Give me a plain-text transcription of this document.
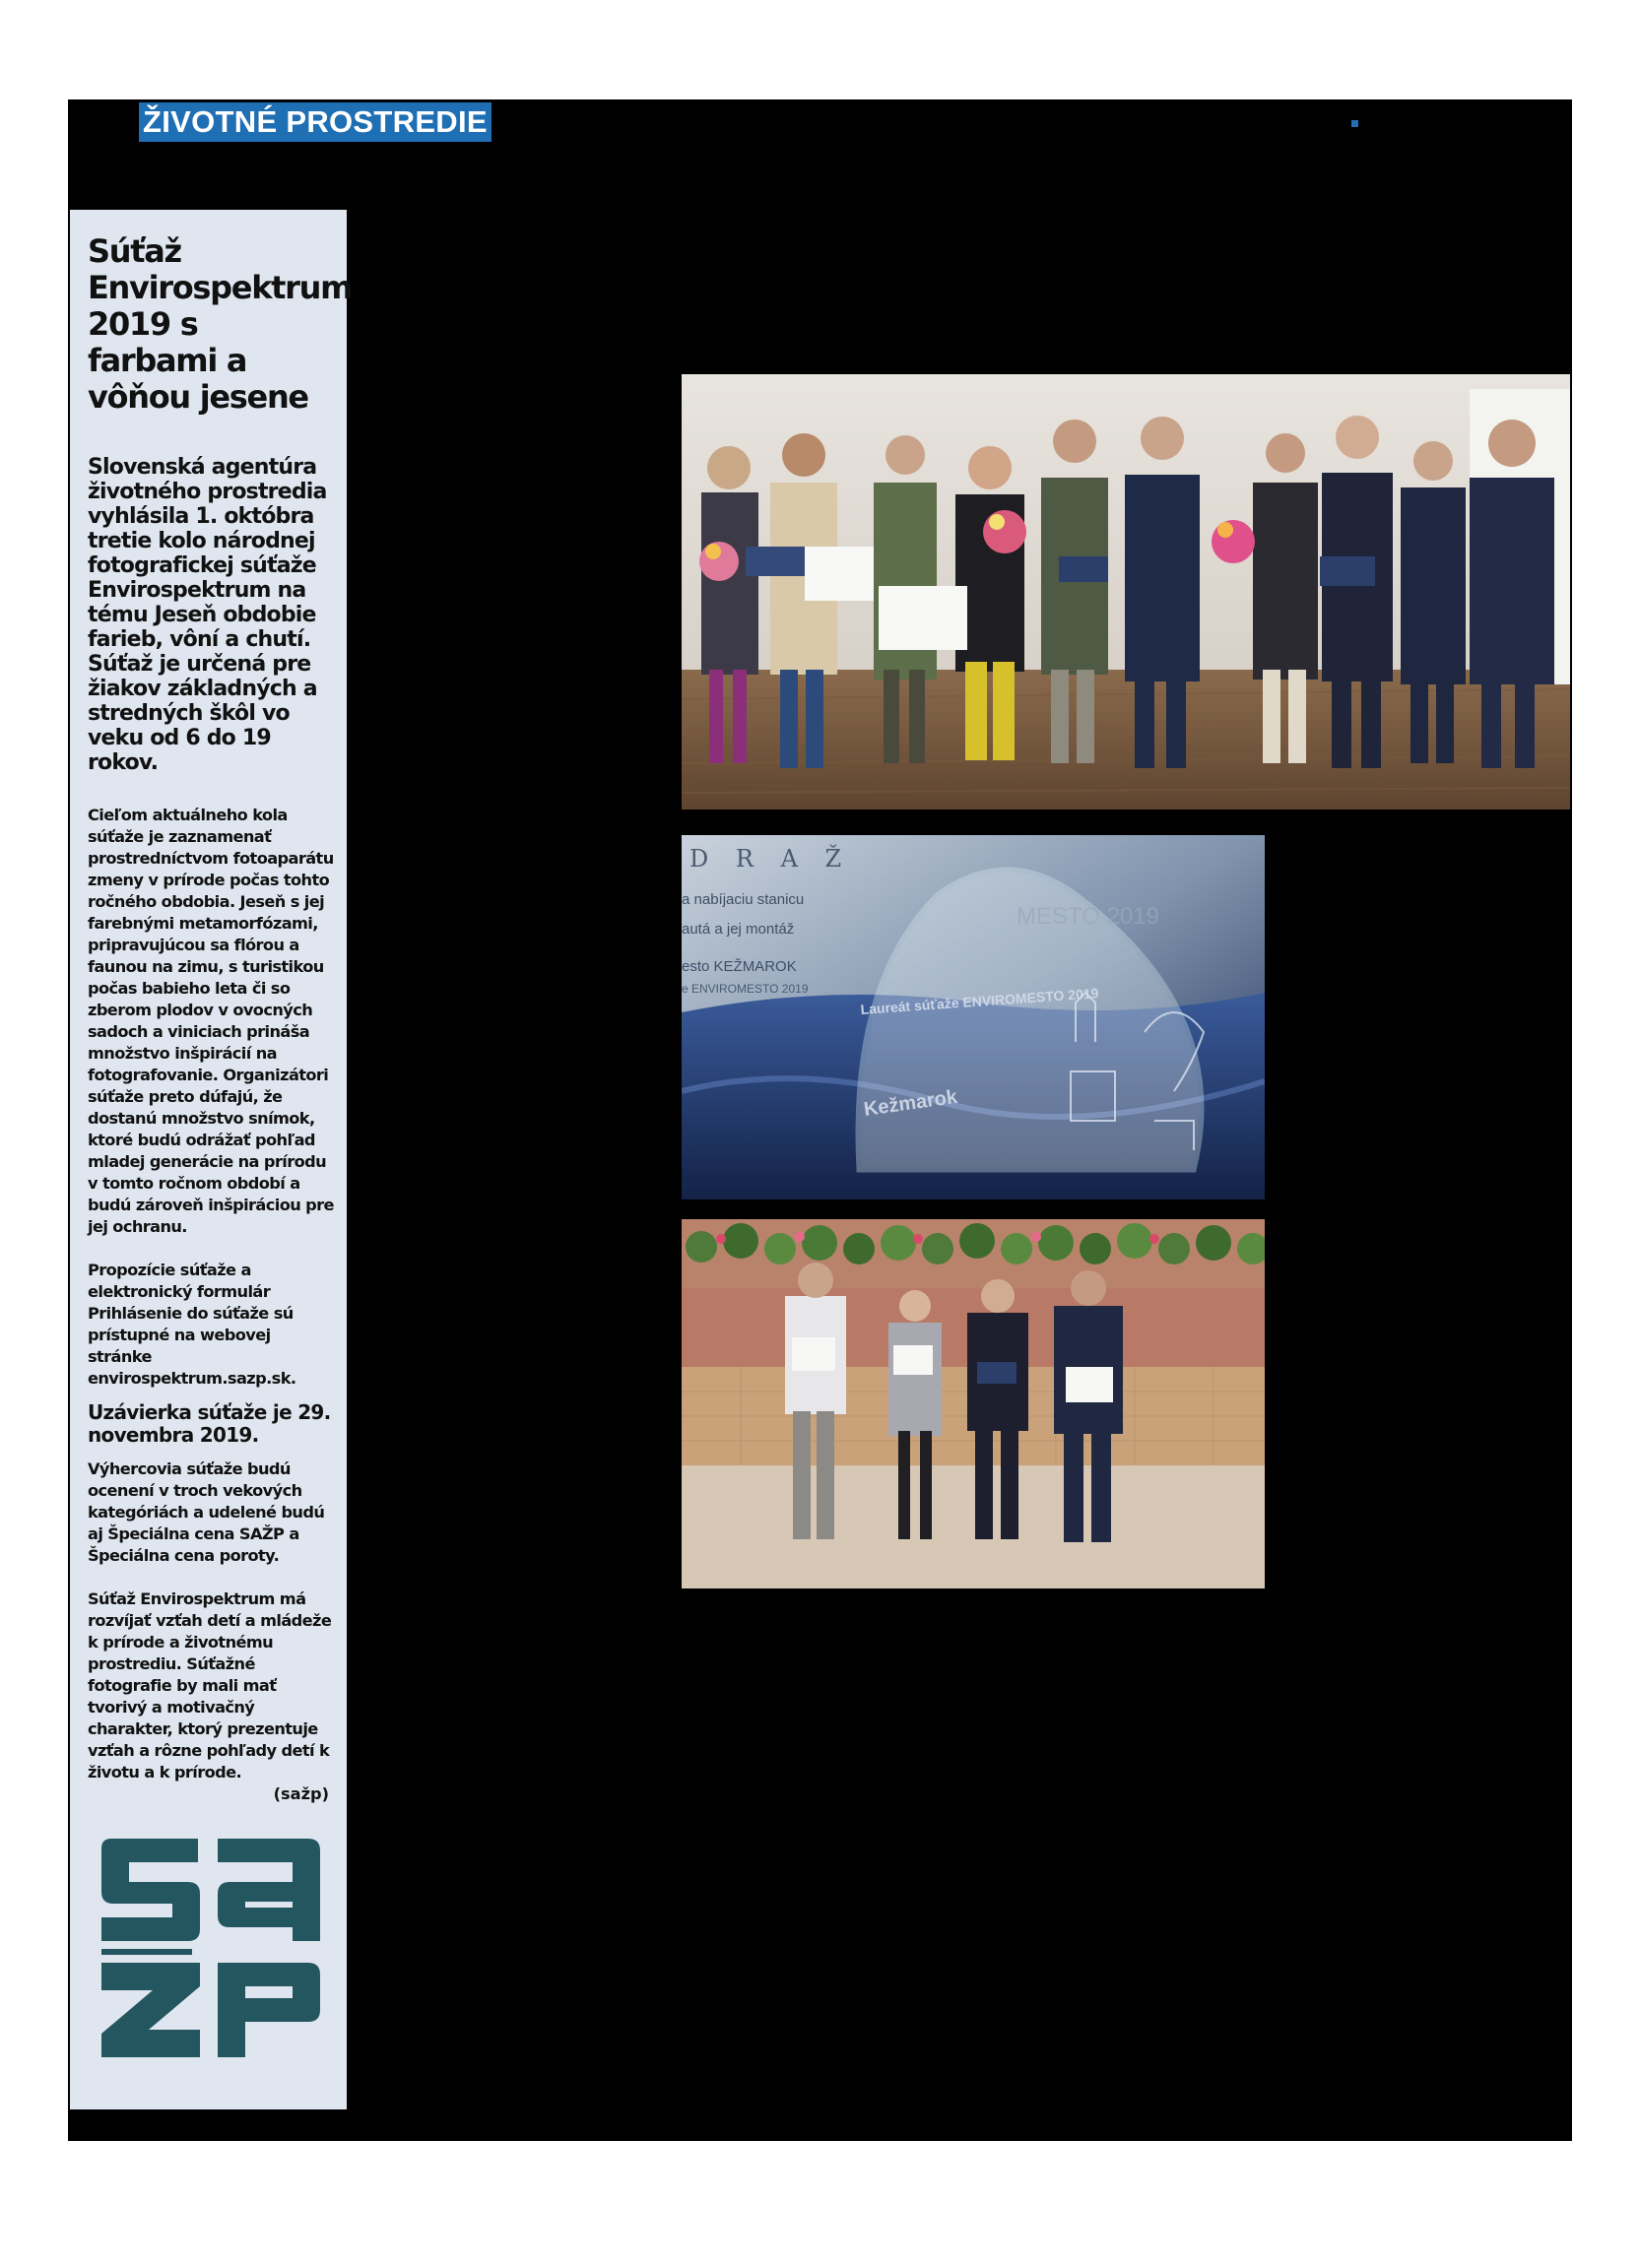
ŽIVOTNÉ PROSTREDIE
Súťaž Envirospektrum 2019 s farbami a vôňou jesene

Slovenská agentúra životného prostredia vyhlásila 1. októbra tretie kolo národnej fotografickej súťaže Envirospektrum na tému Jeseň obdobie farieb, vôní a chutí. Súťaž je určená pre žiakov základných a stredných škôl vo veku od 6 do 19 rokov.

Cieľom aktuálneho kola súťaže je zaznamenať prostredníctvom fotoaparátu zmeny v prírode počas tohto ročného obdobia. Jeseň s jej farebnými metamorfózami, pripravujúcou sa flórou a faunou na zimu, s turistikou počas babieho leta či so zberom plodov v ovocných sadoch a viniciach prináša množstvo inšpirácií na fotografovanie. Organizátori súťaže preto dúfajú, že dostanú množstvo snímok, ktoré budú odrážať pohľad mladej generácie na prírodu v tomto ročnom období a budú zároveň inšpiráciou pre jej ochranu.

Propozície súťaže a elektronický formulár Prihlásenie do súťaže sú prístupné na webovej stránke envirospektrum.sazp.sk.

Uzávierka súťaže je 29. novembra 2019.

Výhercovia súťaže budú ocenení v troch vekových kategóriách a udelené budú aj Špeciálna cena SAŽP a Špeciálna cena poroty.

Súťaž Envirospektrum má rozvíjať vzťah detí a mládeže k prírode a životnému prostrediu. Súťažné fotografie by mali mať tvorivý a motivačný charakter, ktorý prezentuje vzťah a rôzne pohľady detí k životu a k prírode.

(sažp)

D R A Ž
a nabíjaciu stanicu
autá a jej montáž
esto KEŽMAROK
e ENVIROMESTO 2019
MESTO 2019
Laureát súťaže ENVIROMESTO 2019
Kežmarok
